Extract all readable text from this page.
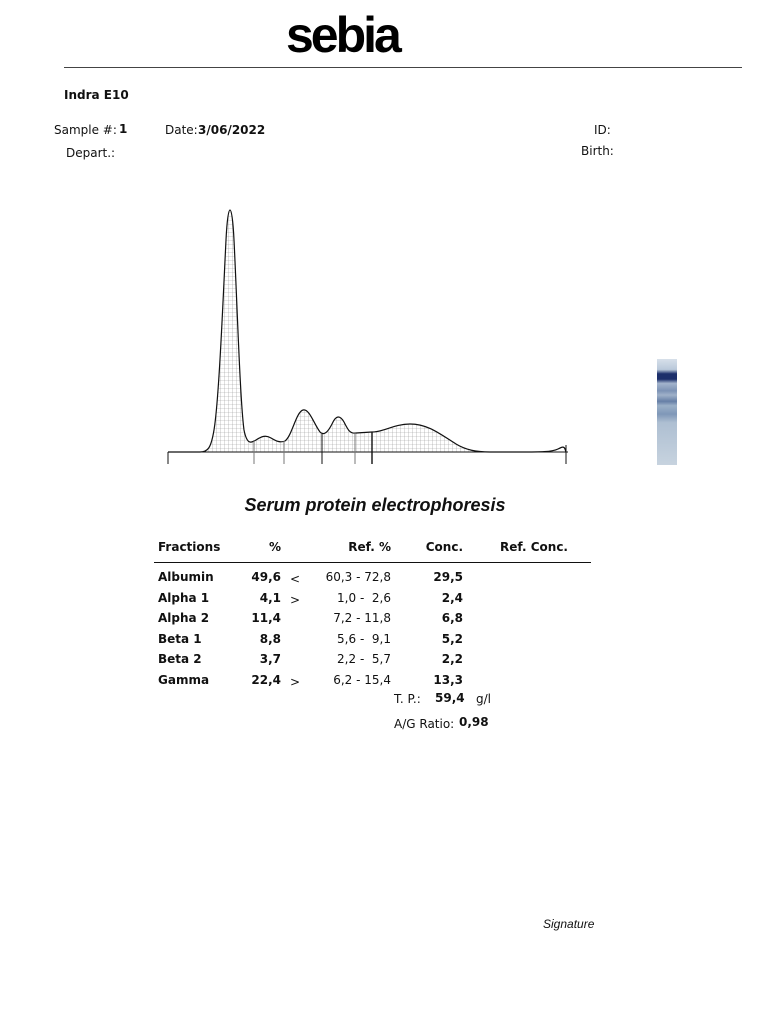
sebia
Indra E10
Sample #: 1	Date: 3/06/2022	ID:
Depart.:	Birth:
Serum protein electrophoresis
Fractions	%		Ref. %	Conc.	Ref. Conc.

Albumin	49,6	<	60,3 - 72,8	29,5	
Alpha 1	4,1	>	1,0 -  2,6	2,4	
Alpha 2	11,4		7,2 - 11,8	6,8	
Beta 1	8,8		5,6 -  9,1	5,2	
Beta 2	3,7		2,2 -  5,7	2,2	
Gamma	22,4	>	6,2 - 15,4	13,3	
T. P.: 59,4 g/l
A/G Ratio: 0,98
Signature
